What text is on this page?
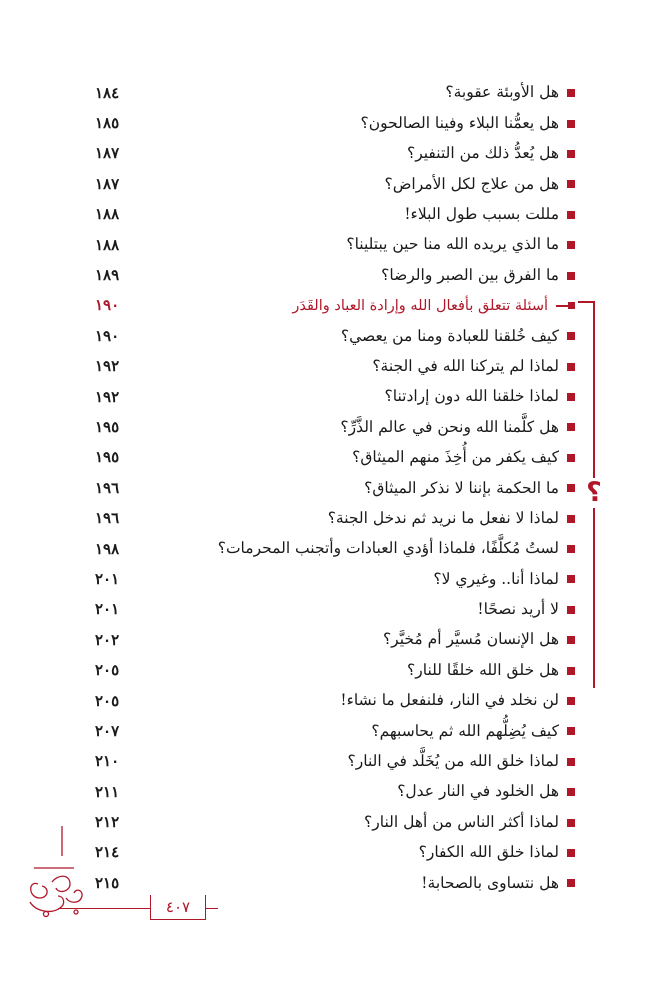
؟
هل الأوبئة عقوبة؟
١٨٤
هل يعمُّنا البلاء وفينا الصالحون؟
١٨٥
هل يُعدُّ ذلك من التنفير؟
١٨٧
هل من علاج لكل الأمراض؟
١٨٧
مللت بسبب طول البلاء!
١٨٨
ما الذي يريده الله منا حين يبتلينا؟
١٨٨
ما الفرق بين الصبر والرضا؟
١٨٩
أسئلة تتعلق بأفعال الله وإرادة العباد والقَدَر
١٩٠
كيف خُلقنا للعبادة ومنا من يعصي؟
١٩٠
لماذا لم يتركنا الله في الجنة؟
١٩٢
لماذا خلقنا الله دون إرادتنا؟
١٩٢
هل كلَّمنا الله ونحن في عالم الذَّرِّ؟
١٩٥
كيف يكفر من أُخِذَ منهم الميثاق؟
١٩٥
ما الحكمة بإننا لا نذكر الميثاق؟
١٩٦
لماذا لا نفعل ما نريد ثم ندخل الجنة؟
١٩٦
لستُ مُكلَّفًا، فلماذا أؤدي العبادات وأتجنب المحرمات؟
١٩٨
لماذا أنا.. وغيري لا؟
٢٠١
لا أريد نصحًا!
٢٠١
هل الإنسان مُسيَّر أم مُخيَّر؟
٢٠٢
هل خلق الله خلقًا للنار؟
٢٠٥
لن نخلد في النار، فلنفعل ما نشاء!
٢٠٥
كيف يُضِلُّهم الله ثم يحاسبهم؟
٢٠٧
لماذا خلق الله من يُخَلَّد في النار؟
٢١٠
هل الخلود في النار عدل؟
٢١١
لماذا أكثر الناس من أهل النار؟
٢١٢
لماذا خلق الله الكفار؟
٢١٤
هل نتساوى بالصحابة!
٢١٥
٤٠٧
